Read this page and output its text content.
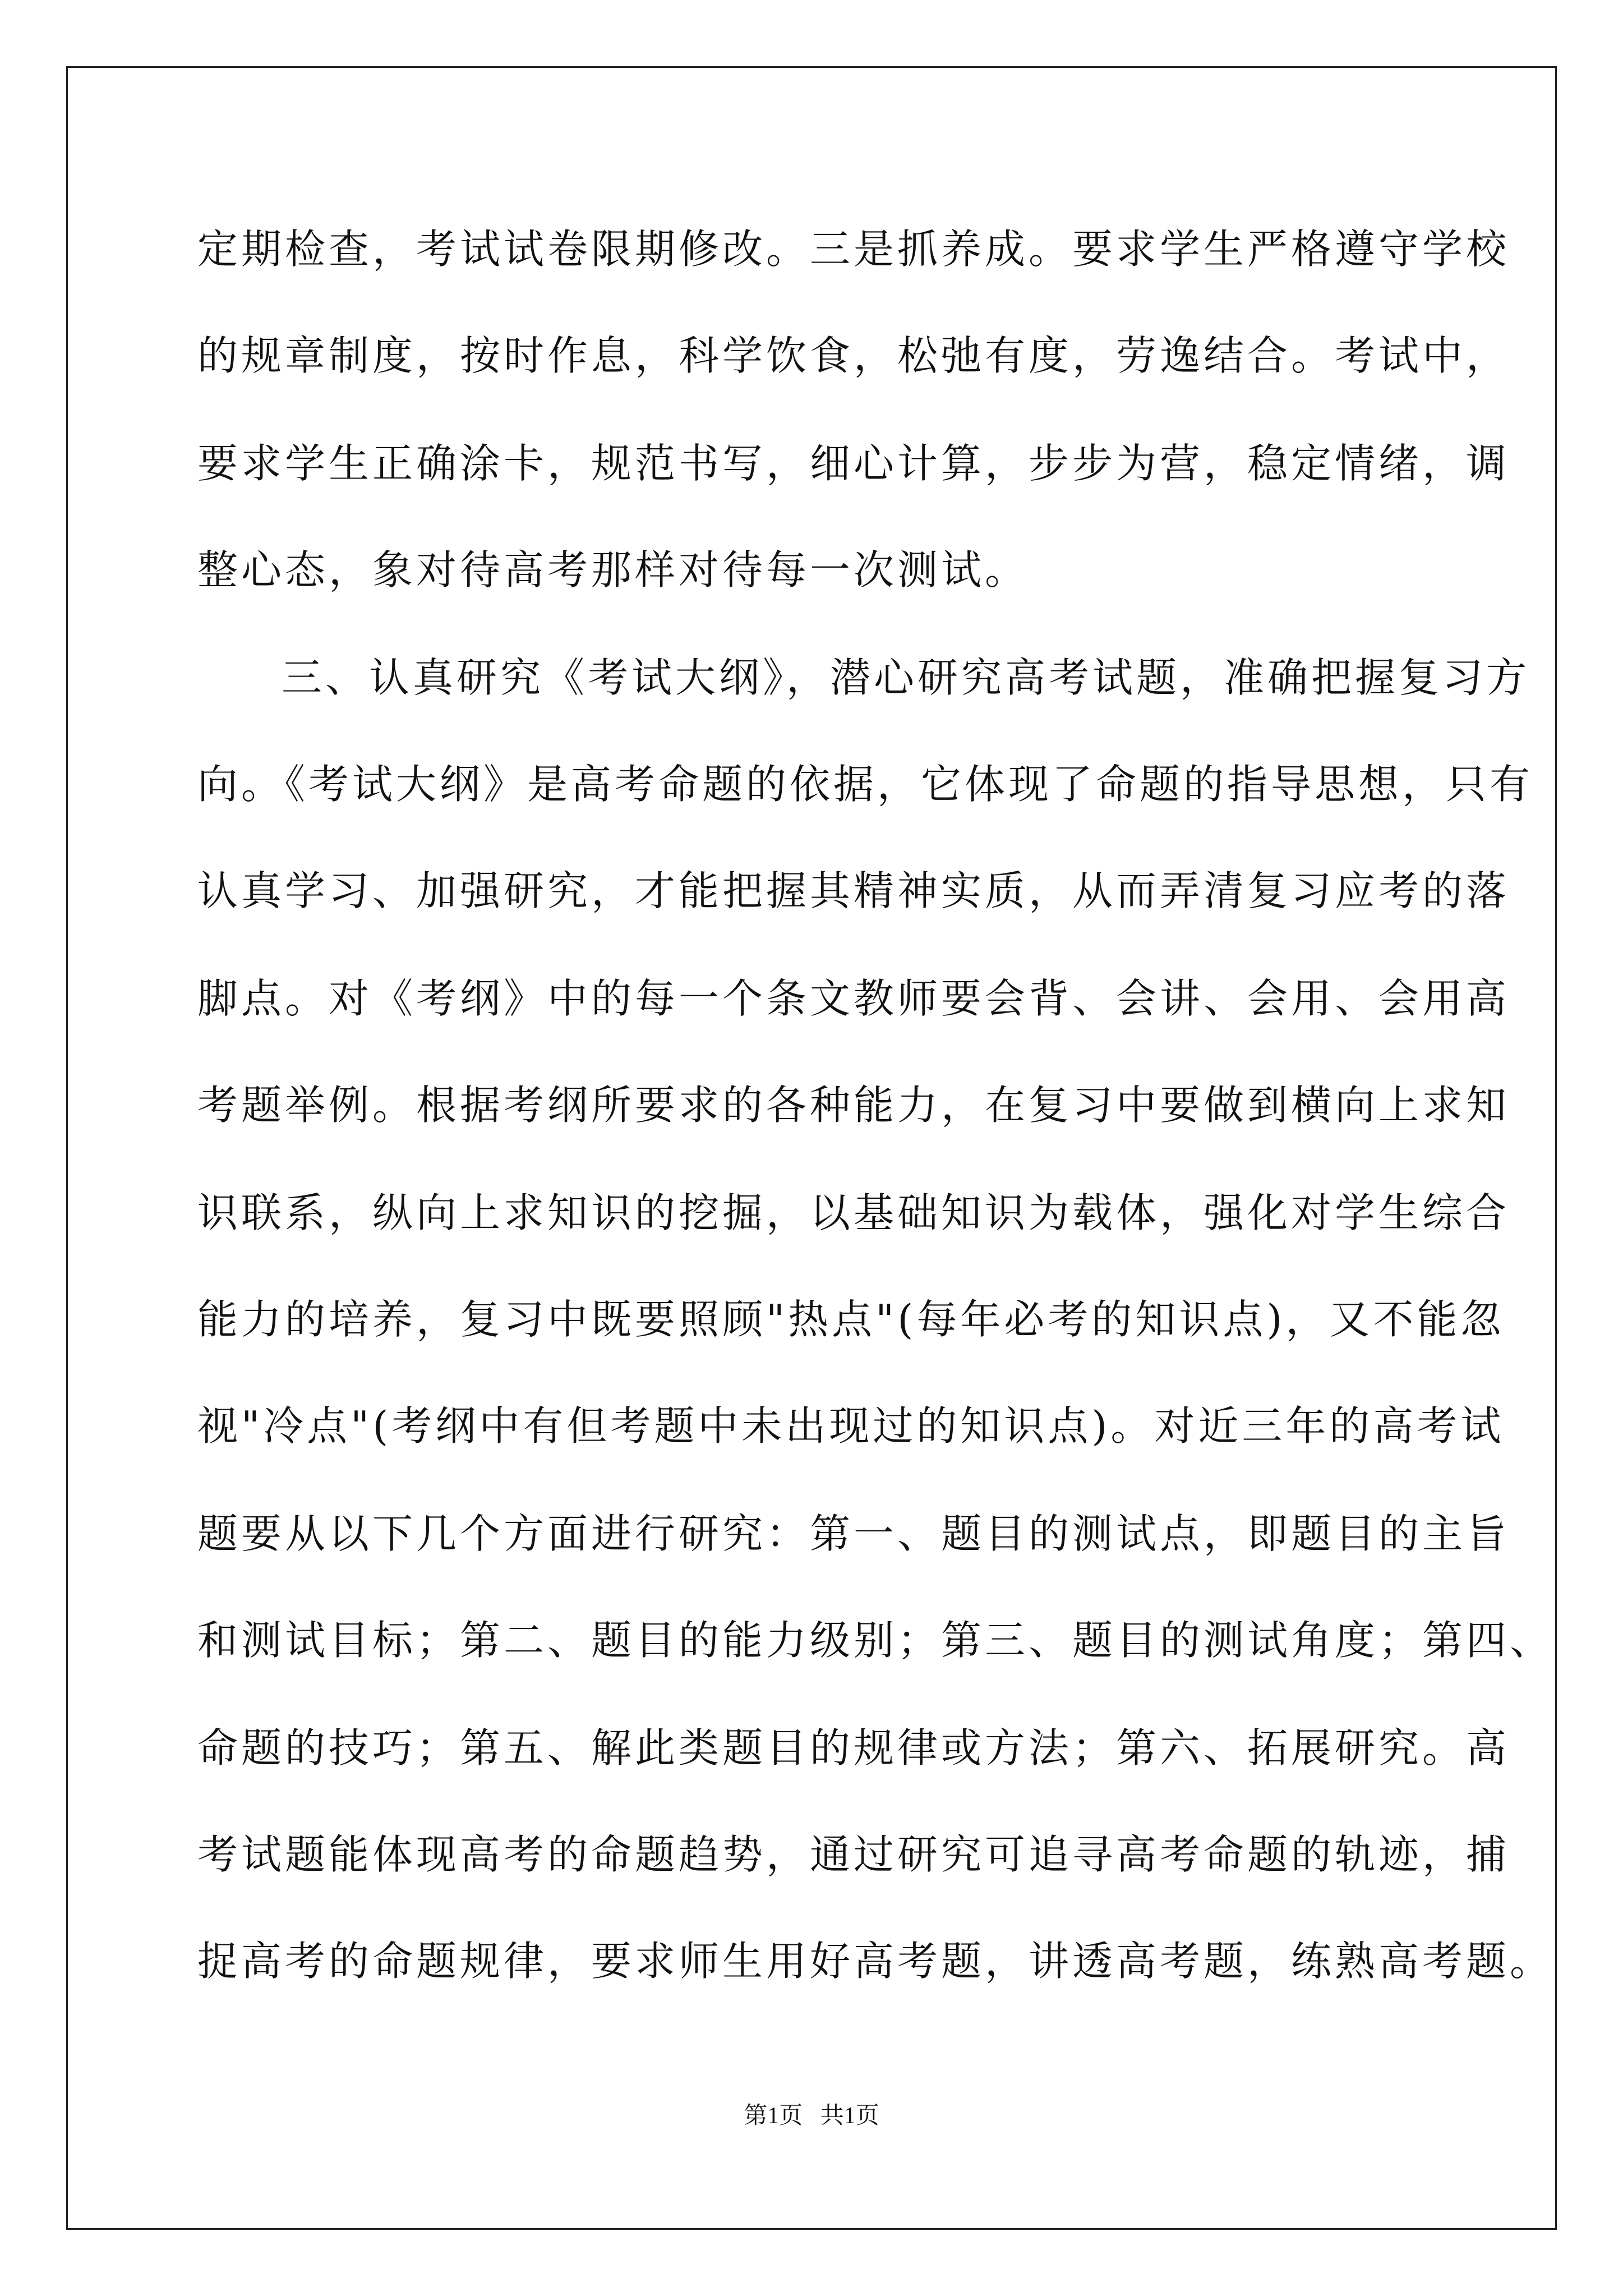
定期检查，考试试卷限期修改。三是抓养成。要求学生严格遵守学校
的规章制度，按时作息，科学饮食，松弛有度，劳逸结合。考试中，
要求学生正确涂卡，规范书写，细心计算，步步为营，稳定情绪，调
整心态，象对待高考那样对待每一次测试。
三、认真研究《考试大纲》，潜心研究高考试题，准确把握复习方
向。《考试大纲》是高考命题的依据，它体现了命题的指导思想，只有
认真学习、加强研究，才能把握其精神实质，从而弄清复习应考的落
脚点。对《考纲》中的每一个条文教师要会背、会讲、会用、会用高
考题举例。根据考纲所要求的各种能力，在复习中要做到横向上求知
识联系，纵向上求知识的挖掘，以基础知识为载体，强化对学生综合
能力的培养，复习中既要照顾"热点"(每年必考的知识点)，又不能忽
视"冷点"(考纲中有但考题中未出现过的知识点)。对近三年的高考试
题要从以下几个方面进行研究：第一、题目的测试点，即题目的主旨
和测试目标；第二、题目的能力级别；第三、题目的测试角度；第四、
命题的技巧；第五、解此类题目的规律或方法；第六、拓展研究。高
考试题能体现高考的命题趋势，通过研究可追寻高考命题的轨迹，捕
捉高考的命题规律，要求师生用好高考题，讲透高考题，练熟高考题。
第1页   共1页
